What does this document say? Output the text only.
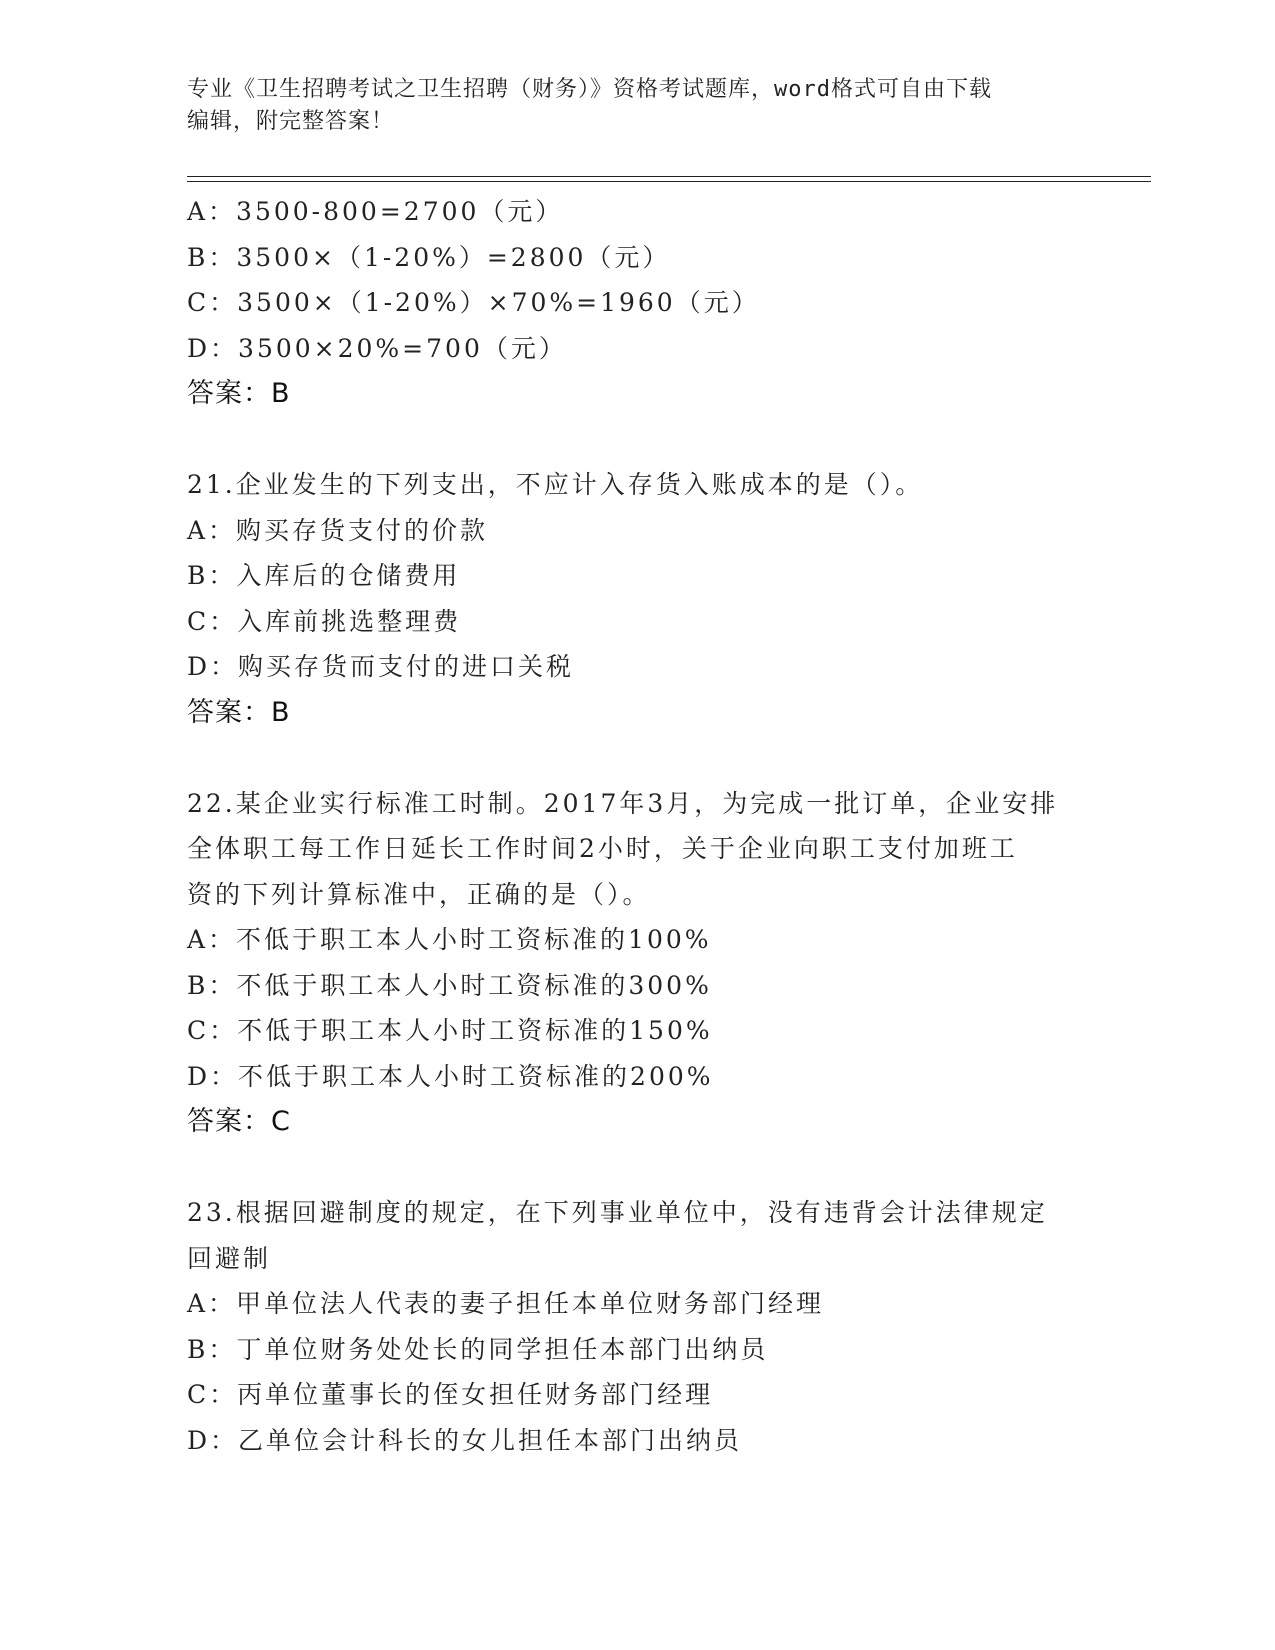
专业《卫生招聘考试之卫生招聘（财务）》资格考试题库，word格式可自由下载
编辑，附完整答案！
A：3500-800=2700（元）
B：3500×（1-20%）=2800（元）
C：3500×（1-20%）×70%=1960（元）
D：3500×20%=700（元）
答案：B
21.企业发生的下列支出，不应计入存货入账成本的是（）。
A：购买存货支付的价款
B：入库后的仓储费用
C：入库前挑选整理费
D：购买存货而支付的进口关税
答案：B
22.某企业实行标准工时制。2017年3月，为完成一批订单，企业安排
全体职工每工作日延长工作时间2小时，关于企业向职工支付加班工
资的下列计算标准中，正确的是（）。
A：不低于职工本人小时工资标准的100%
B：不低于职工本人小时工资标准的300%
C：不低于职工本人小时工资标准的150%
D：不低于职工本人小时工资标准的200%
答案：C
23.根据回避制度的规定，在下列事业单位中，没有违背会计法律规定
回避制
A：甲单位法人代表的妻子担任本单位财务部门经理
B：丁单位财务处处长的同学担任本部门出纳员
C：丙单位董事长的侄女担任财务部门经理
D：乙单位会计科长的女儿担任本部门出纳员
